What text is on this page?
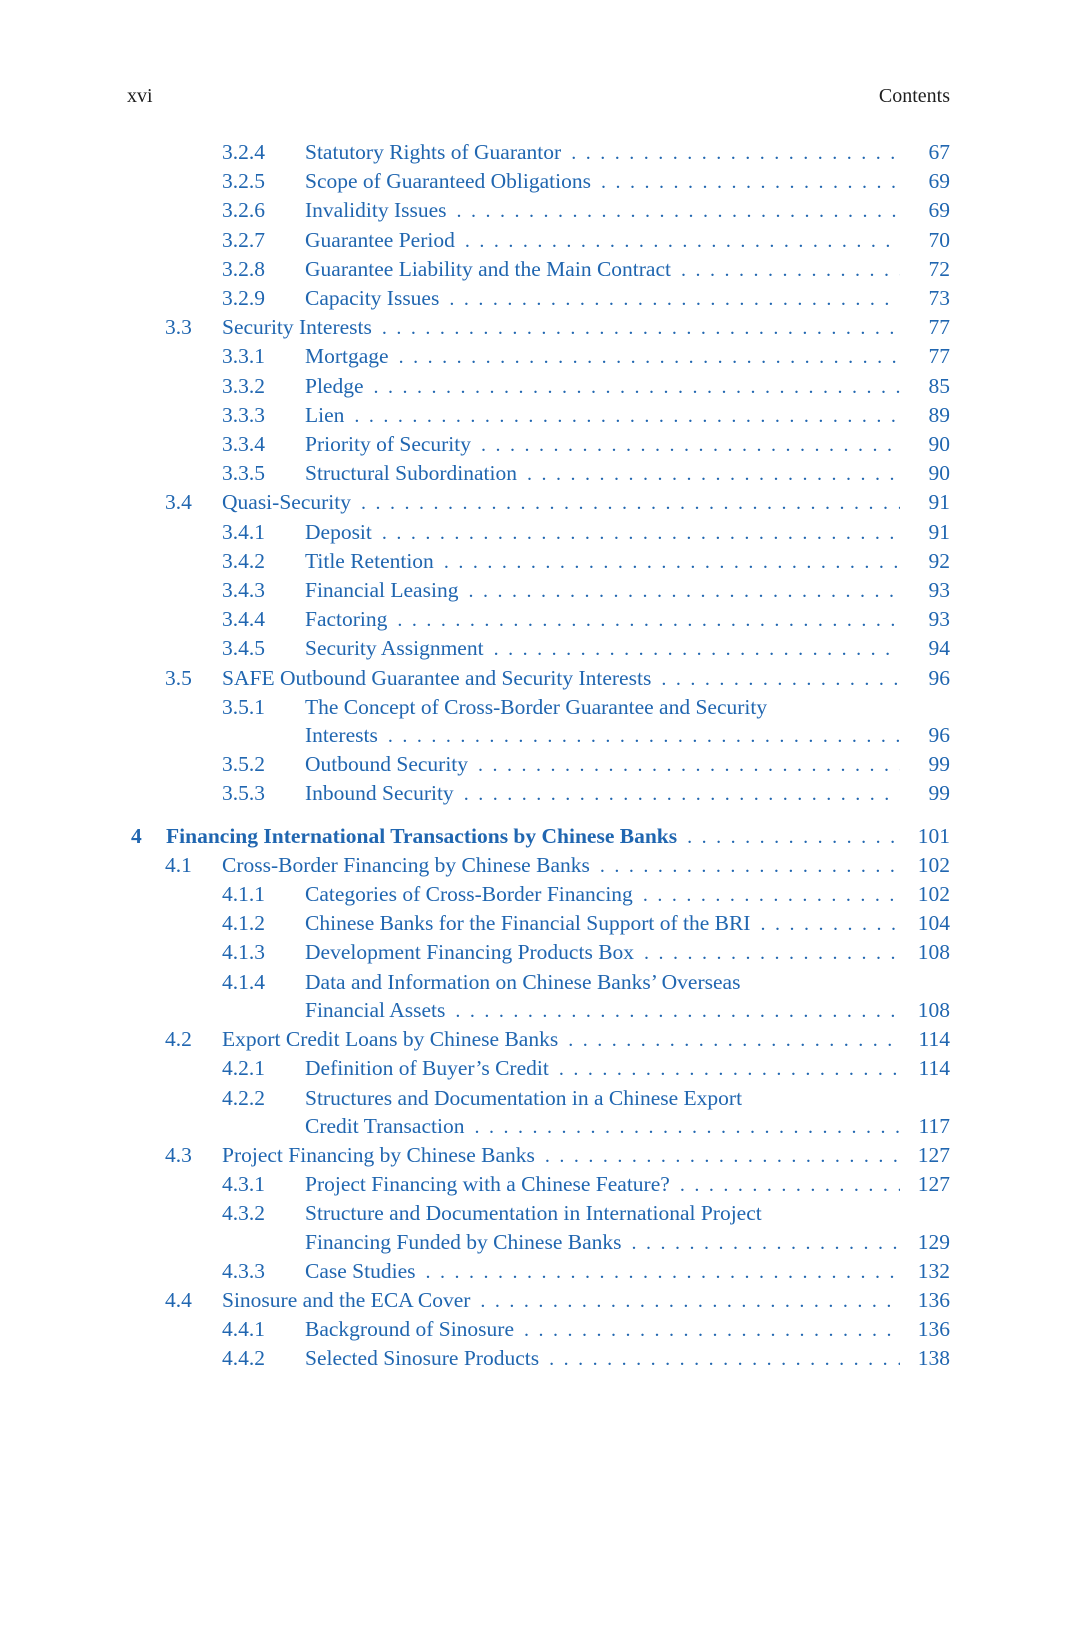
xvi	Contents
3.2.4	Statutory Rights of Guarantor .....	67
3.2.5	Scope of Guaranteed Obligations .....	69
3.2.6	Invalidity Issues .....	69
3.2.7	Guarantee Period .....	70
3.2.8	Guarantee Liability and the Main Contract .....	72
3.2.9	Capacity Issues .....	73
3.3	Security Interests .....	77
3.3.1	Mortgage .....	77
3.3.2	Pledge .....	85
3.3.3	Lien .....	89
3.3.4	Priority of Security .....	90
3.3.5	Structural Subordination .....	90
3.4	Quasi-Security .....	91
3.4.1	Deposit .....	91
3.4.2	Title Retention .....	92
3.4.3	Financial Leasing .....	93
3.4.4	Factoring .....	93
3.4.5	Security Assignment .....	94
3.5	SAFE Outbound Guarantee and Security Interests .....	96
3.5.1	The Concept of Cross-Border Guarantee and Security
Interests .....	96
3.5.2	Outbound Security .....	99
3.5.3	Inbound Security .....	99
4	Financing International Transactions by Chinese Banks .....	101
4.1	Cross-Border Financing by Chinese Banks .....	102
4.1.1	Categories of Cross-Border Financing .....	102
4.1.2	Chinese Banks for the Financial Support of the BRI .....	104
4.1.3	Development Financing Products Box .....	108
4.1.4	Data and Information on Chinese Banks’ Overseas
Financial Assets .....	108
4.2	Export Credit Loans by Chinese Banks .....	114
4.2.1	Definition of Buyer’s Credit .....	114
4.2.2	Structures and Documentation in a Chinese Export
Credit Transaction .....	117
4.3	Project Financing by Chinese Banks .....	127
4.3.1	Project Financing with a Chinese Feature? .....	127
4.3.2	Structure and Documentation in International Project
Financing Funded by Chinese Banks .....	129
4.3.3	Case Studies .....	132
4.4	Sinosure and the ECA Cover .....	136
4.4.1	Background of Sinosure .....	136
4.4.2	Selected Sinosure Products .....	138
